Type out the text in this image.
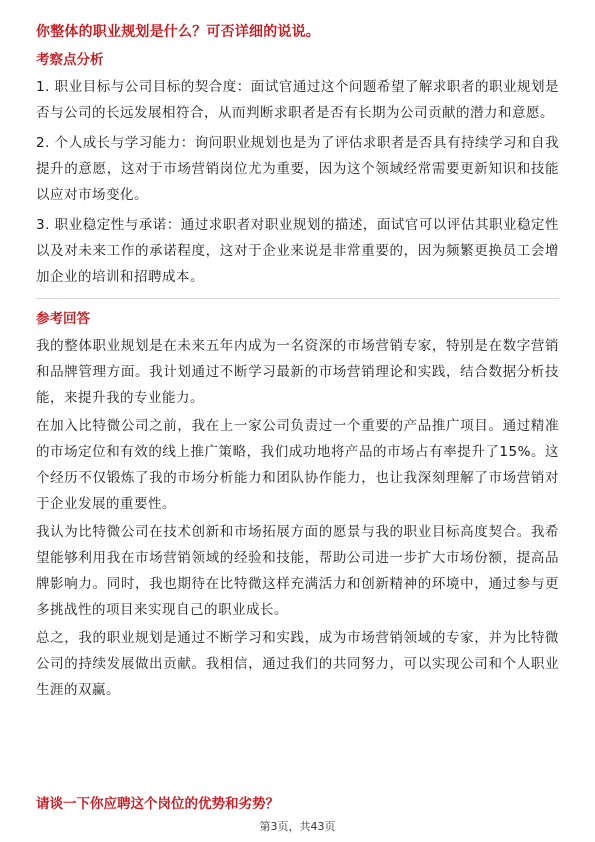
你整体的职业规划是什么？可否详细的说说。
考察点分析

1. 职业目标与公司目标的契合度：面试官通过这个问题希望了解求职者的职业规划是否与公司的长远发展相符合，从而判断求职者是否有长期为公司贡献的潜力和意愿。

2. 个人成长与学习能力：询问职业规划也是为了评估求职者是否具有持续学习和自我提升的意愿，这对于市场营销岗位尤为重要，因为这个领域经常需要更新知识和技能以应对市场变化。

3. 职业稳定性与承诺：通过求职者对职业规划的描述，面试官可以评估其职业稳定性以及对未来工作的承诺程度，这对于企业来说是非常重要的，因为频繁更换员工会增加企业的培训和招聘成本。

参考回答

我的整体职业规划是在未来五年内成为一名资深的市场营销专家，特别是在数字营销和品牌管理方面。我计划通过不断学习最新的市场营销理论和实践，结合数据分析技能，来提升我的专业能力。

在加入比特微公司之前，我在上一家公司负责过一个重要的产品推广项目。通过精准的市场定位和有效的线上推广策略，我们成功地将产品的市场占有率提升了15%。这个经历不仅锻炼了我的市场分析能力和团队协作能力，也让我深刻理解了市场营销对于企业发展的重要性。

我认为比特微公司在技术创新和市场拓展方面的愿景与我的职业目标高度契合。我希望能够利用我在市场营销领域的经验和技能，帮助公司进一步扩大市场份额，提高品牌影响力。同时，我也期待在比特微这样充满活力和创新精神的环境中，通过参与更多挑战性的项目来实现自己的职业成长。

总之，我的职业规划是通过不断学习和实践，成为市场营销领域的专家，并为比特微公司的持续发展做出贡献。我相信，通过我们的共同努力，可以实现公司和个人职业生涯的双赢。

请谈一下你应聘这个岗位的优势和劣势？
第3页，共43页
